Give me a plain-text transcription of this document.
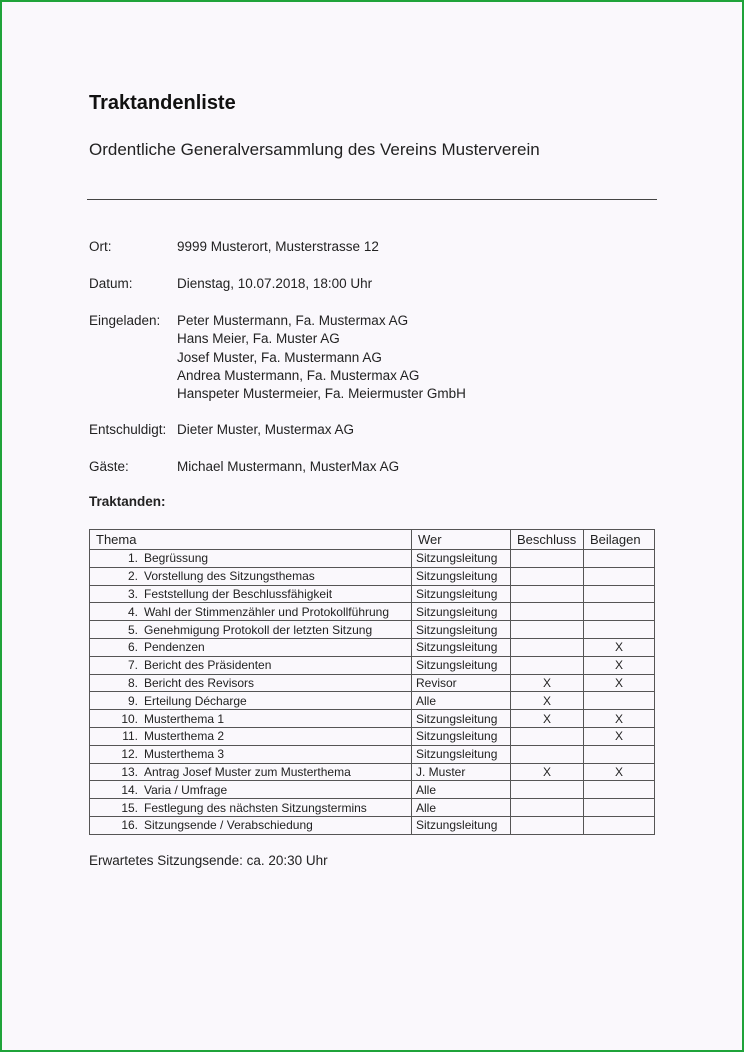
Traktandenliste
Ordentliche Generalversammlung des Vereins Musterverein
Ort:	9999 Musterort, Musterstrasse 12
Datum:	Dienstag, 10.07.2018, 18:00 Uhr
Eingeladen: Peter Mustermann, Fa. Mustermax AG
Hans Meier, Fa. Muster AG
Josef Muster, Fa. Mustermann AG
Andrea Mustermann, Fa. Mustermax AG
Hanspeter Mustermeier, Fa. Meiermuster GmbH
Entschuldigt: Dieter Muster, Mustermax AG
Gäste:	Michael Mustermann, MusterMax AG
Traktanden:
Thema		Wer	Beschluss	Beilagen
1.	Begrüssung	Sitzungsleitung		
2.	Vorstellung des Sitzungsthemas	Sitzungsleitung		
3.	Feststellung der Beschlussfähigkeit	Sitzungsleitung		
4.	Wahl der Stimmenzähler und Protokollführung	Sitzungsleitung		
5.	Genehmigung Protokoll der letzten Sitzung	Sitzungsleitung		
6.	Pendenzen	Sitzungsleitung		X
7.	Bericht des Präsidenten	Sitzungsleitung		X
8.	Bericht des Revisors	Revisor	X	X
9.	Erteilung Décharge	Alle	X	
10.	Musterthema 1	Sitzungsleitung	X	X
11.	Musterthema 2	Sitzungsleitung		X
12.	Musterthema 3	Sitzungsleitung		
13.	Antrag Josef Muster zum Musterthema	J. Muster	X	X
14.	Varia / Umfrage	Alle		
15.	Festlegung des nächsten Sitzungstermins	Alle		
16.	Sitzungsende / Verabschiedung	Sitzungsleitung		
Erwartetes Sitzungsende: ca. 20:30 Uhr
